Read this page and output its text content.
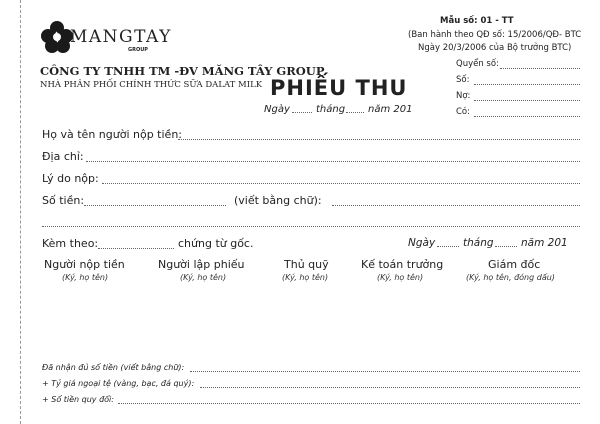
MANGTAY
GROUP
CÔNG TY TNHH TM -ĐV MĂNG TÂY GROUP
NHÀ PHÂN PHỐI CHÍNH THỨC SỮA DALAT MILK
Mẫu số: 01 - TT
(Ban hành theo QĐ số: 15/2006/QĐ- BTC
Ngày 20/3/2006 của Bộ trưởng BTC)
Quyển số:
Số:
Nợ:
Có:
PHIẾU THU
Ngày	tháng năm 201
Họ và tên người nộp tiền:
Địa chỉ:
Lý do nộp:
Số tiền:	(viết bằng chữ):
Kèm theo:	chứng từ gốc.	Ngày	tháng	năm 201
Người nộp tiền
(Ký, họ tên)
Người lập phiếu
(Ký, họ tên)
Thủ quỹ
(Ký, họ tên)
Kế toán trưởng
(Ký, họ tên)
Giám đốc
(Ký, họ tên, đóng dấu)
Đã nhận đủ số tiền (viết bằng chữ):
+ Tỷ giá ngoại tệ (vàng, bạc, đá quý):
+ Số tiền quy đổi:
